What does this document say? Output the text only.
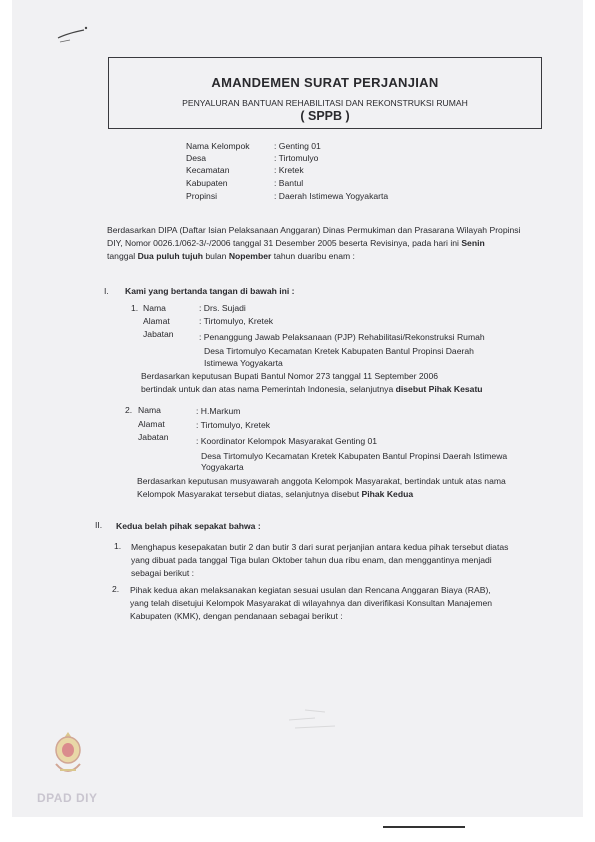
AMANDEMEN SURAT PERJANJIAN
PENYALURAN BANTUAN REHABILITASI DAN REKONSTRUKSI RUMAH
( SPPB )
Nama Kelompok	: Genting 01
Desa	: Tirtomulyo
Kecamatan	: Kretek
Kabupaten	: Bantul
Propinsi	: Daerah Istimewa Yogyakarta
Berdasarkan DIPA (Daftar Isian Pelaksanaan Anggaran) Dinas Permukiman dan Prasarana Wilayah Propinsi
DIY, Nomor 0026.1/062-3/-/2006 tanggal 31 Desember 2005 beserta Revisinya, pada hari ini Senin
tanggal Dua puluh tujuh bulan Nopember tahun duaribu enam :
I. Kami yang bertanda tangan di bawah ini :
1. Nama	: Drs. Sujadi
Alamat	: Tirtomulyo, Kretek
Jabatan	: Penanggung Jawab Pelaksanaan (PJP) Rehabilitasi/Rekonstruksi Rumah
Desa Tirtomulyo Kecamatan Kretek Kabupaten Bantul Propinsi Daerah
Istimewa Yogyakarta
Berdasarkan keputusan Bupati Bantul Nomor 273 tanggal 11 September 2006
bertindak untuk dan atas nama Pemerintah Indonesia, selanjutnya disebut Pihak Kesatu
2. Nama	: H.Markum
Alamat	: Tirtomulyo, Kretek
Jabatan	: Koordinator Kelompok Masyarakat Genting 01
Desa Tirtomulyo Kecamatan Kretek Kabupaten Bantul Propinsi Daerah Istimewa
Yogyakarta
Berdasarkan keputusan musyawarah anggota Kelompok Masyarakat, bertindak untuk atas nama
Kelompok Masyarakat tersebut diatas, selanjutnya disebut Pihak Kedua
II. Kedua belah pihak sepakat bahwa :
1. Menghapus kesepakatan butir 2 dan butir 3 dari surat perjanjian antara kedua pihak tersebut diatas
yang dibuat pada tanggal Tiga bulan Oktober tahun dua ribu enam, dan menggantinya menjadi
sebagai berikut :
2. Pihak kedua akan melaksanakan kegiatan sesuai usulan dan Rencana Anggaran Biaya (RAB),
yang telah disetujui Kelompok Masyarakat di wilayahnya dan diverifikasi Konsultan Manajemen
Kabupaten (KMK), dengan pendanaan sebagai berikut :
DPAD DIY
